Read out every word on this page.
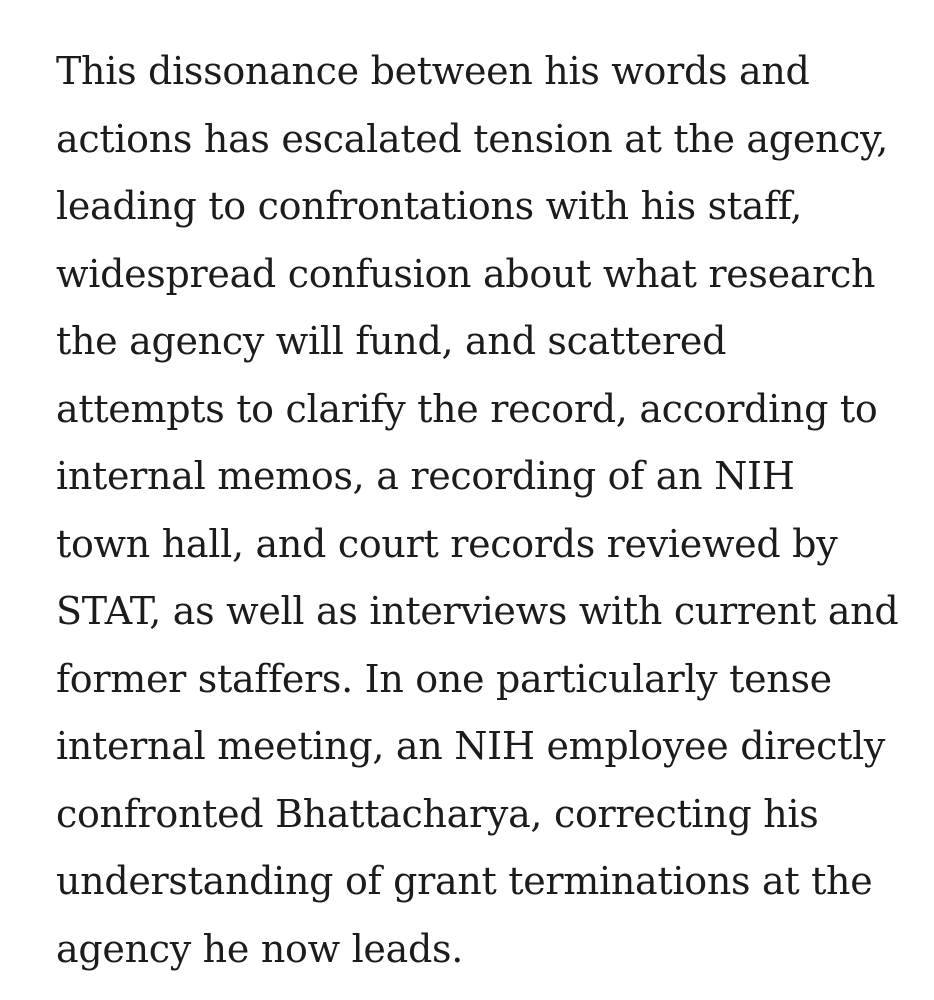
This dissonance between his words and
actions has escalated tension at the agency,
leading to confrontations with his staff,
widespread confusion about what research
the agency will fund, and scattered
attempts to clarify the record, according to
internal memos, a recording of an NIH
town hall, and court records reviewed by
STAT, as well as interviews with current and
former staffers. In one particularly tense
internal meeting, an NIH employee directly
confronted Bhattacharya, correcting his
understanding of grant terminations at the
agency he now leads.
